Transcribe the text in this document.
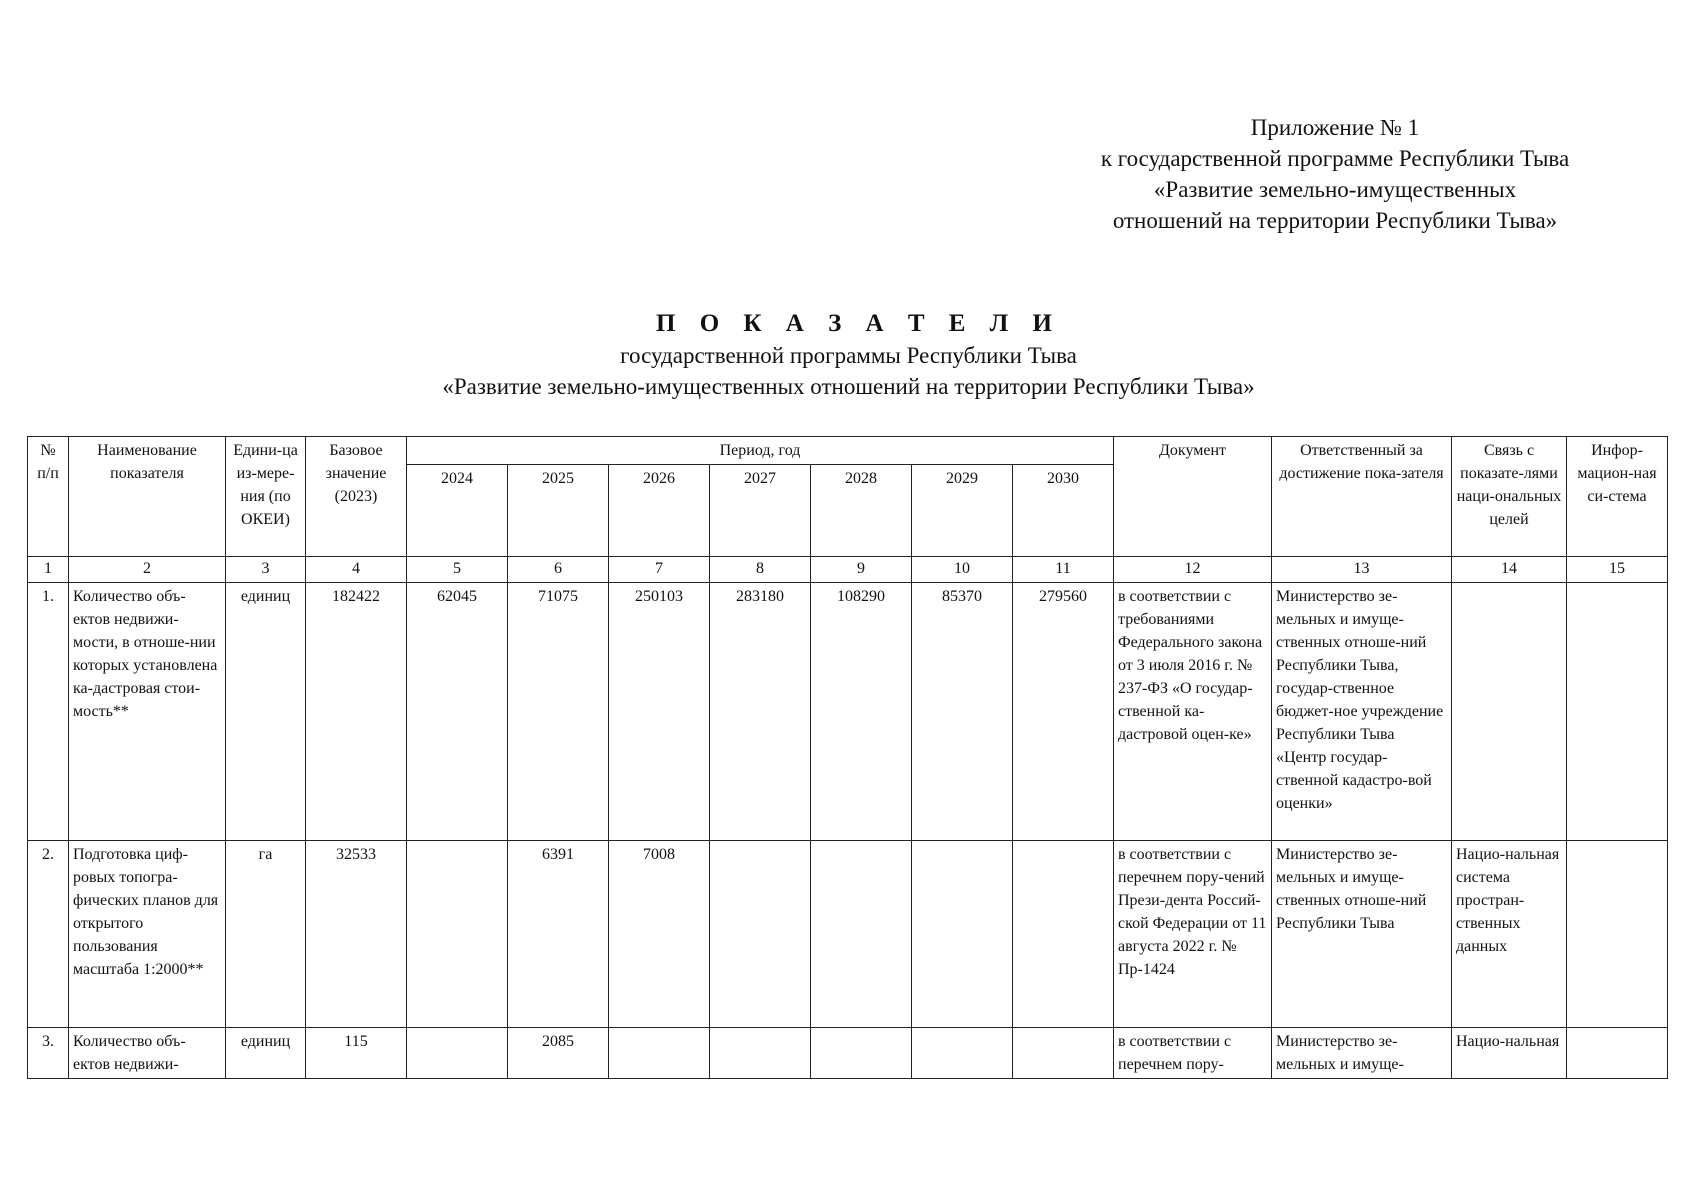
Приложение № 1
к государственной программе Республики Тыва
«Развитие земельно-имущественных
отношений на территории Республики Тыва»
П О К А З А Т Е Л И
государственной программы Республики Тыва
«Развитие земельно-имущественных отношений на территории Республики Тыва»
№ п/п	Наименование показателя	Едини-ца из-мере-ния (по ОКЕИ)	Базовое значение (2023)	Период, год							Документ	Ответственный за достижение пока-зателя	Связь с показате-лями наци-ональных целей	Инфор-мацион-ная си-стема
				2024	2025	2026	2027	2028	2029	2030				
1	2	3	4	5	6	7	8	9	10	11	12	13	14	15
1.	Количество объ-ектов недвижи-мости, в отноше-нии которых установлена ка-дастровая стои-мость**	единиц	182422	62045	71075	250103	283180	108290	85370	279560	в соответствии с требованиями Федерального закона от 3 июля 2016 г. № 237-ФЗ «О государ-ственной ка-дастровой оцен-ке»	Министерство зе-мельных и имуще-ственных отноше-ний Республики Тыва, государ-ственное бюджет-ное учреждение Республики Тыва «Центр государ-ственной кадастро-вой оценки»		
2.	Подготовка циф-ровых топогра-фических планов для открытого пользования масштаба 1:2000**	га	32533		6391	7008					в соответствии с перечнем пору-чений Прези-дента Россий-ской Федерации от 11 августа 2022 г. № Пр-1424	Министерство зе-мельных и имуще-ственных отноше-ний Республики Тыва	Нацио-нальная система простран-ственных данных	
3.	Количество объ-ектов недвижи-	единиц	115		2085						в соответствии с перечнем пору-	Министерство зе-мельных и имуще-	Нацио-нальная	
